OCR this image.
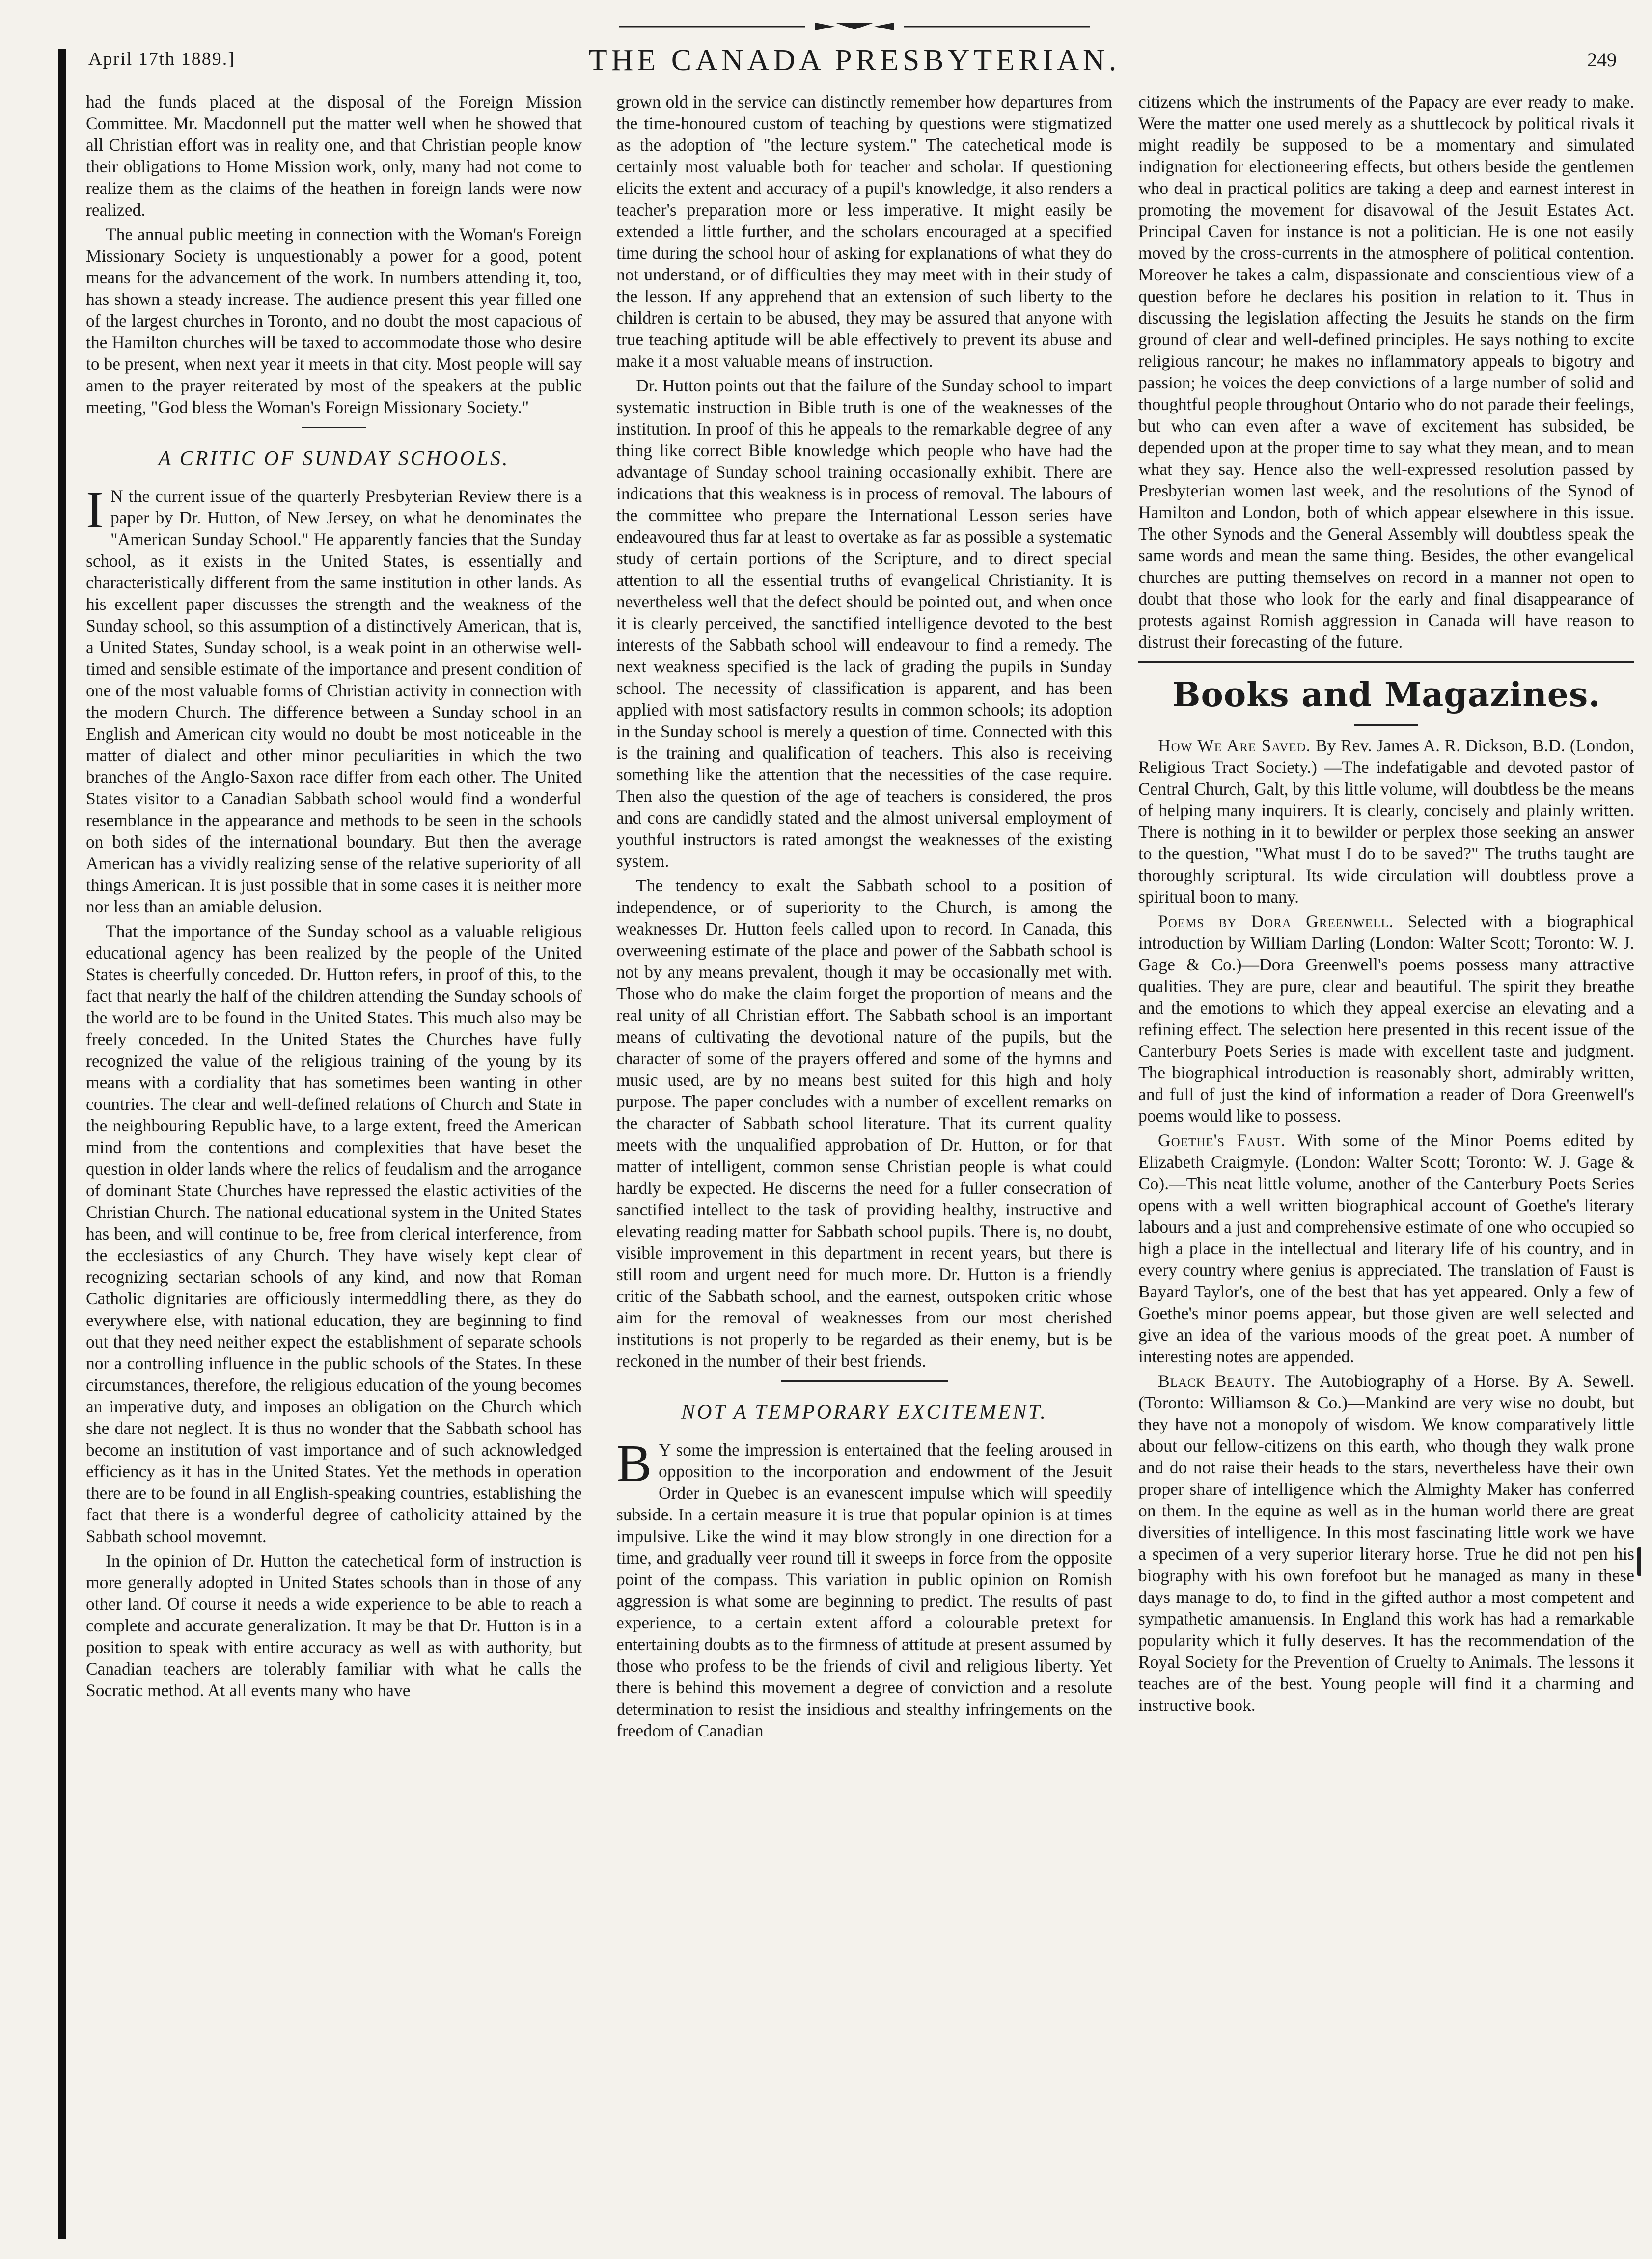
April 17th 1889.]	THE CANADA PRESBYTERIAN.	249

had the funds placed at the disposal of the Foreign Mission Committee. Mr. Macdonnell put the matter well when he showed that all Christian effort was in reality one, and that Christian people know their obligations to Home Mission work, only, many had not come to realize them as the claims of the heathen in foreign lands were now realized.

The annual public meeting in connection with the Woman's Foreign Missionary Society is unquestionably a power for a good, potent means for the advancement of the work. In numbers attending it, too, has shown a steady increase. The audience present this year filled one of the largest churches in Toronto, and no doubt the most capacious of the Hamilton churches will be taxed to accommodate those who desire to be present, when next year it meets in that city. Most people will say amen to the prayer reiterated by most of the speakers at the public meeting, "God bless the Woman's Foreign Missionary Society."

A CRITIC OF SUNDAY SCHOOLS.

I N the current issue of the quarterly Presbyterian Review there is a paper by Dr. Hutton, of New Jersey, on what he denominates the "American Sunday School." He apparently fancies that the Sunday school, as it exists in the United States, is essentially and characteristically different from the same institution in other lands. As his excellent paper discusses the strength and the weakness of the Sunday school, so this assumption of a distinctively American, that is, a United States, Sunday school, is a weak point in an otherwise well-timed and sensible estimate of the importance and present condition of one of the most valuable forms of Christian activity in connection with the modern Church. The difference between a Sunday school in an English and American city would no doubt be most noticeable in the matter of dialect and other minor peculiarities in which the two branches of the Anglo-Saxon race differ from each other. The United States visitor to a Canadian Sabbath school would find a wonderful resemblance in the appearance and methods to be seen in the schools on both sides of the international boundary. But then the average American has a vividly realizing sense of the relative superiority of all things American. It is just possible that in some cases it is neither more nor less than an amiable delusion.

That the importance of the Sunday school as a valuable religious educational agency has been realized by the people of the United States is cheerfully conceded. Dr. Hutton refers, in proof of this, to the fact that nearly the half of the children attending the Sunday schools of the world are to be found in the United States. This much also may be freely conceded. In the United States the Churches have fully recognized the value of the religious training of the young by its means with a cordiality that has sometimes been wanting in other countries. The clear and well-defined relations of Church and State in the neighbouring Republic have, to a large extent, freed the American mind from the contentions and complexities that have beset the question in older lands where the relics of feudalism and the arrogance of dominant State Churches have repressed the elastic activities of the Christian Church. The national educational system in the United States has been, and will continue to be, free from clerical interference, from the ecclesiastics of any Church. They have wisely kept clear of recognizing sectarian schools of any kind, and now that Roman Catholic dignitaries are officiously intermeddling there, as they do everywhere else, with national education, they are beginning to find out that they need neither expect the establishment of separate schools nor a controlling influence in the public schools of the States. In these circumstances, therefore, the religious education of the young becomes an imperative duty, and imposes an obligation on the Church which she dare not neglect. It is thus no wonder that the Sabbath school has become an institution of vast importance and of such acknowledged efficiency as it has in the United States. Yet the methods in operation there are to be found in all English-speaking countries, establishing the fact that there is a wonderful degree of catholicity attained by the Sabbath school movemnt.

In the opinion of Dr. Hutton the catechetical form of instruction is more generally adopted in United States schools than in those of any other land. Of course it needs a wide experience to be able to reach a complete and accurate generalization. It may be that Dr. Hutton is in a position to speak with entire accuracy as well as with authority, but Canadian teachers are tolerably familiar with what he calls the Socratic method. At all events many who have

grown old in the service can distinctly remember how departures from the time-honoured custom of teaching by questions were stigmatized as the adoption of "the lecture system." The catechetical mode is certainly most valuable both for teacher and scholar. If questioning elicits the extent and accuracy of a pupil's knowledge, it also renders a teacher's preparation more or less imperative. It might easily be extended a little further, and the scholars encouraged at a specified time during the school hour of asking for explanations of what they do not understand, or of difficulties they may meet with in their study of the lesson. If any apprehend that an extension of such liberty to the children is certain to be abused, they may be assured that anyone with true teaching aptitude will be able effectively to prevent its abuse and make it a most valuable means of instruction.

Dr. Hutton points out that the failure of the Sunday school to impart systematic instruction in Bible truth is one of the weaknesses of the institution. In proof of this he appeals to the remarkable degree of any thing like correct Bible knowledge which people who have had the advantage of Sunday school training occasionally exhibit. There are indications that this weakness is in process of removal. The labours of the committee who prepare the International Lesson series have endeavoured thus far at least to overtake as far as possible a systematic study of certain portions of the Scripture, and to direct special attention to all the essential truths of evangelical Christianity. It is nevertheless well that the defect should be pointed out, and when once it is clearly perceived, the sanctified intelligence devoted to the best interests of the Sabbath school will endeavour to find a remedy. The next weakness specified is the lack of grading the pupils in Sunday school. The necessity of classification is apparent, and has been applied with most satisfactory results in common schools; its adoption in the Sunday school is merely a question of time. Connected with this is the training and qualification of teachers. This also is receiving something like the attention that the necessities of the case require. Then also the question of the age of teachers is considered, the pros and cons are candidly stated and the almost universal employment of youthful instructors is rated amongst the weaknesses of the existing system.

The tendency to exalt the Sabbath school to a position of independence, or of superiority to the Church, is among the weaknesses Dr. Hutton feels called upon to record. In Canada, this overweening estimate of the place and power of the Sabbath school is not by any means prevalent, though it may be occasionally met with. Those who do make the claim forget the proportion of means and the real unity of all Christian effort. The Sabbath school is an important means of cultivating the devotional nature of the pupils, but the character of some of the prayers offered and some of the hymns and music used, are by no means best suited for this high and holy purpose. The paper concludes with a number of excellent remarks on the character of Sabbath school literature. That its current quality meets with the unqualified approbation of Dr. Hutton, or for that matter of intelligent, common sense Christian people is what could hardly be expected. He discerns the need for a fuller consecration of sanctified intellect to the task of providing healthy, instructive and elevating reading matter for Sabbath school pupils. There is, no doubt, visible improvement in this department in recent years, but there is still room and urgent need for much more. Dr. Hutton is a friendly critic of the Sabbath school, and the earnest, outspoken critic whose aim for the removal of weaknesses from our most cherished institutions is not properly to be regarded as their enemy, but is be reckoned in the number of their best friends.

NOT A TEMPORARY EXCITEMENT.

B Y some the impression is entertained that the feeling aroused in opposition to the incorporation and endowment of the Jesuit Order in Quebec is an evanescent impulse which will speedily subside. In a certain measure it is true that popular opinion is at times impulsive. Like the wind it may blow strongly in one direction for a time, and gradually veer round till it sweeps in force from the opposite point of the compass. This variation in public opinion on Romish aggression is what some are beginning to predict. The results of past experience, to a certain extent afford a colourable pretext for entertaining doubts as to the firmness of attitude at present assumed by those who profess to be the friends of civil and religious liberty. Yet there is behind this movement a degree of conviction and a resolute determination to resist the insidious and stealthy infringements on the freedom of Canadian

citizens which the instruments of the Papacy are ever ready to make. Were the matter one used merely as a shuttlecock by political rivals it might readily be supposed to be a momentary and simulated indignation for electioneering effects, but others beside the gentlemen who deal in practical politics are taking a deep and earnest interest in promoting the movement for disavowal of the Jesuit Estates Act. Principal Caven for instance is not a politician. He is one not easily moved by the cross-currents in the atmosphere of political contention. Moreover he takes a calm, dispassionate and conscientious view of a question before he declares his position in relation to it. Thus in discussing the legislation affecting the Jesuits he stands on the firm ground of clear and well-defined principles. He says nothing to excite religious rancour; he makes no inflammatory appeals to bigotry and passion; he voices the deep convictions of a large number of solid and thoughtful people throughout Ontario who do not parade their feelings, but who can even after a wave of excitement has subsided, be depended upon at the proper time to say what they mean, and to mean what they say. Hence also the well-expressed resolution passed by Presbyterian women last week, and the resolutions of the Synod of Hamilton and London, both of which appear elsewhere in this issue. The other Synods and the General Assembly will doubtless speak the same words and mean the same thing. Besides, the other evangelical churches are putting themselves on record in a manner not open to doubt that those who look for the early and final disappearance of protests against Romish aggression in Canada will have reason to distrust their forecasting of the future.

Books and Magazines.

How We Are Saved. By Rev. James A. R. Dickson, B.D. (London, Religious Tract Society.) —The indefatigable and devoted pastor of Central Church, Galt, by this little volume, will doubtless be the means of helping many inquirers. It is clearly, concisely and plainly written. There is nothing in it to bewilder or perplex those seeking an answer to the question, "What must I do to be saved?" The truths taught are thoroughly scriptural. Its wide circulation will doubtless prove a spiritual boon to many.

Poems by Dora Greenwell. Selected with a biographical introduction by William Darling (London: Walter Scott; Toronto: W. J. Gage & Co.)—Dora Greenwell's poems possess many attractive qualities. They are pure, clear and beautiful. The spirit they breathe and the emotions to which they appeal exercise an elevating and a refining effect. The selection here presented in this recent issue of the Canterbury Poets Series is made with excellent taste and judgment. The biographical introduction is reasonably short, admirably written, and full of just the kind of information a reader of Dora Greenwell's poems would like to possess.

Goethe's Faust. With some of the Minor Poems edited by Elizabeth Craigmyle. (London: Walter Scott; Toronto: W. J. Gage & Co).—This neat little volume, another of the Canterbury Poets Series opens with a well written biographical account of Goethe's literary labours and a just and comprehensive estimate of one who occupied so high a place in the intellectual and literary life of his country, and in every country where genius is appreciated. The translation of Faust is Bayard Taylor's, one of the best that has yet appeared. Only a few of Goethe's minor poems appear, but those given are well selected and give an idea of the various moods of the great poet. A number of interesting notes are appended.

Black Beauty. The Autobiography of a Horse. By A. Sewell. (Toronto: Williamson & Co.)—Mankind are very wise no doubt, but they have not a monopoly of wisdom. We know comparatively little about our fellow-citizens on this earth, who though they walk prone and do not raise their heads to the stars, nevertheless have their own proper share of intelligence which the Almighty Maker has conferred on them. In the equine as well as in the human world there are great diversities of intelligence. In this most fascinating little work we have a specimen of a very superior literary horse. True he did not pen his biography with his own forefoot but he managed as many in these days manage to do, to find in the gifted author a most competent and sympathetic amanuensis. In England this work has had a remarkable popularity which it fully deserves. It has the recommendation of the Royal Society for the Prevention of Cruelty to Animals. The lessons it teaches are of the best. Young people will find it a charming and instructive book.
